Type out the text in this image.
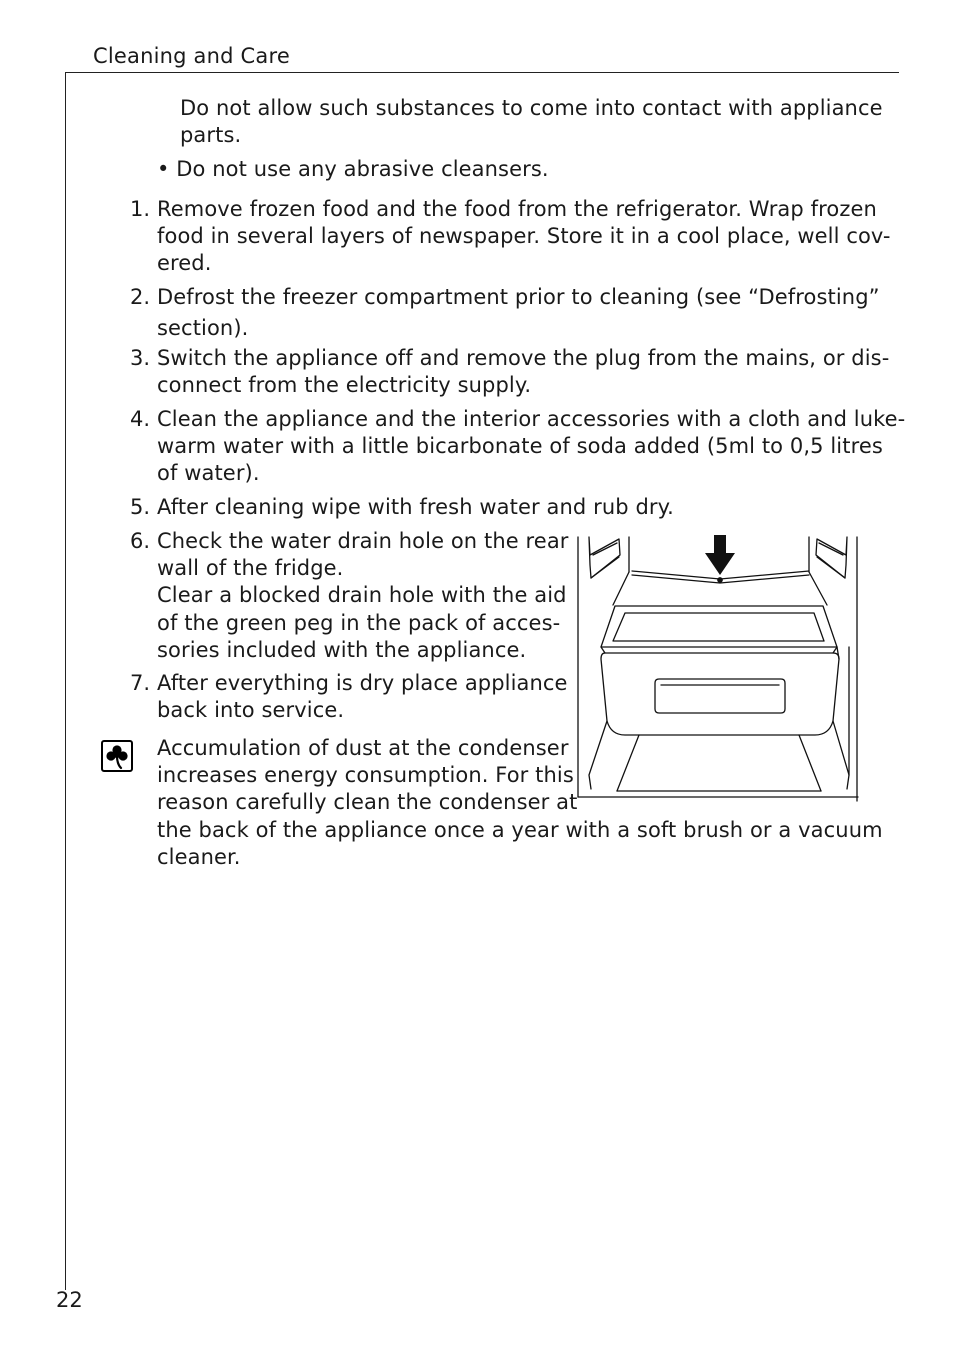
Cleaning and Care
Do not allow such substances to come into contact with appliance
parts.
• Do not use any abrasive cleansers.
1. Remove frozen food and the food from the refrigerator. Wrap frozen
food in several layers of newspaper. Store it in a cool place, well cov-
ered.
2. Defrost the freezer compartment prior to cleaning (see “Defrosting”
section).
3. Switch the appliance off and remove the plug from the mains, or dis-
connect from the electricity supply.
4. Clean the appliance and the interior accessories with a cloth and luke-
warm water with a little bicarbonate of soda added (5ml to 0,5 litres
of water).
5. After cleaning wipe with fresh water and rub dry.
6. Check the water drain hole on the rear
wall of the fridge.
Clear a blocked drain hole with the aid
of the green peg in the pack of acces-
sories included with the appliance.
7. After everything is dry place appliance
back into service.
Accumulation of dust at the condenser
increases energy consumption. For this
reason carefully clean the condenser at
the back of the appliance once a year with a soft brush or a vacuum
cleaner.
22
